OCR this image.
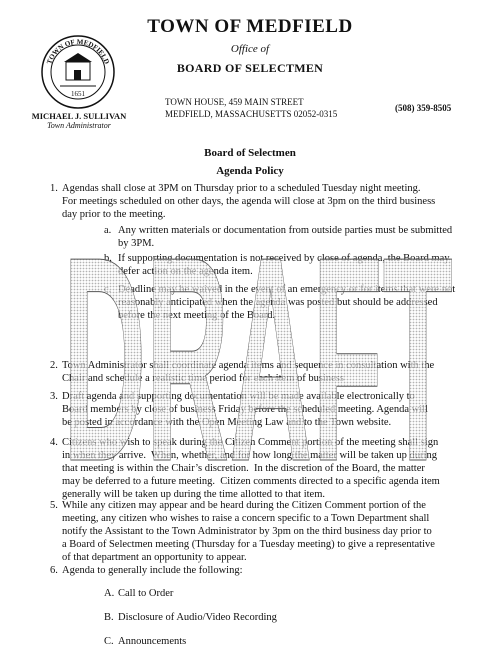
TOWN OF MEDFIELD
1651
TOWN OF MEDFIELD
Office of
BOARD OF SELECTMEN
MICHAEL J. SULLIVAN
Town Administrator
TOWN HOUSE, 459 MAIN STREET
MEDFIELD, MASSACHUSETTS 02052-0315
(508) 359-8505
Board of Selectmen
Agenda Policy
1. Agendas shall close at 3PM on Thursday prior to a scheduled Tuesday night meeting.
For meetings scheduled on other days, the agenda will close at 3pm on the third business
day prior to the meeting.
a. Any written materials or documentation from outside parties must be submitted
by 3PM.
b. If supporting documentation is not received by close of agenda, the Board may
defer action on the agenda item.
c. Deadline may be waived in the event of an emergency or for items that were not
reasonably anticipated when the agenda was posted but should be addressed
before the next meeting of the Board.
2. Town Administrator shall coordinate agenda items and sequence in consultation with the
Chair and schedule a realistic time period for each item of business
3. Draft agenda and supporting documentation will be made available electronically to
Board members by close of business Friday before the scheduled meeting. Agenda will
be posted in accordance with the Open Meeting Law and to the Town website.
4. Citizens who wish to speak during the Citizen Comment portion of the meeting shall sign
in when they arrive.  When, whether, and for how long the matter will be taken up during
that meeting is within the Chair’s discretion.  In the discretion of the Board, the matter
may be deferred to a future meeting.  Citizen comments directed to a specific agenda item
generally will be taken up during the time allotted to that item.
5. While any citizen may appear and be heard during the Citizen Comment portion of the
meeting, any citizen who wishes to raise a concern specific to a Town Department shall
notify the Assistant to the Town Administrator by 3pm on the third business day prior to
a Board of Selectmen meeting (Thursday for a Tuesday meeting) to give a representative
of that department an opportunity to appear.
6. Agenda to generally include the following:
A. Call to Order
B. Disclosure of Audio/Video Recording
C. Announcements
DRAFT
